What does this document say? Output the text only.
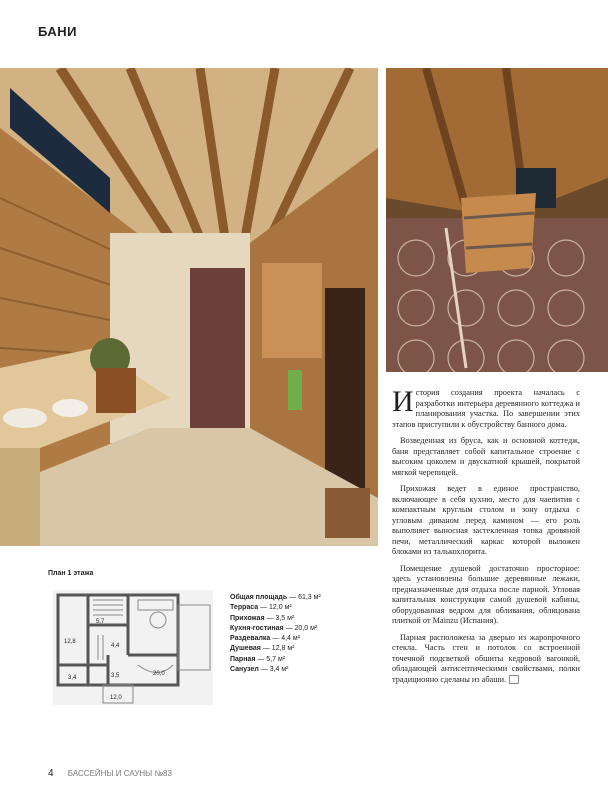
БАНИ
План 1 этажа
5,7
12,8
4,4
3,4	3,5	20,0
12,0
Общая площадь — 61,3 м²
Терраса — 12,0 м²
Прихожая — 3,5 м²
Кухня-гостиная — 20,0 м²
Раздевалка — 4,4 м²
Душевая — 12,8 м²
Парная — 5,7 м²
Санузел — 3,4 м²

История создания проекта началась с разработки интерьера деревянного коттеджа и планирования участка. По завершении этих этапов приступили к обустройству банного дома.

Возведенная из бруса, как и основной коттедж, баня представляет собой капитальное строение с высоким цоколем и двускатной крышей, покрытой мягкой черепицей.

Прихожая ведет в единое пространство, включающее в себя кухню, место для чаепития с компактным круглым столом и зону отдыха с угловым диваном перед камином — его роль выполняет выносная застекленная топка дровяной печи, металлический каркас которой выложен блоками из талькохлорита.

Помещение душевой достаточно просторное: здесь установлены большие деревянные лежаки, предназначенные для отдыха после парной. Угловая капитальная конструкция самой душевой кабины, оборудованная ведром для обливания, облицована плиткой от Mainzu (Испания).

Парная расположена за дверью из жаропрочного стекла. Часть стен и потолок со встроенной точечной подсветкой обшиты кедровой вагонкой, обладающей антисептическими свойствами, полки традиционно сделаны из абаши.

4 БАССЕЙНЫ И САУНЫ №83
